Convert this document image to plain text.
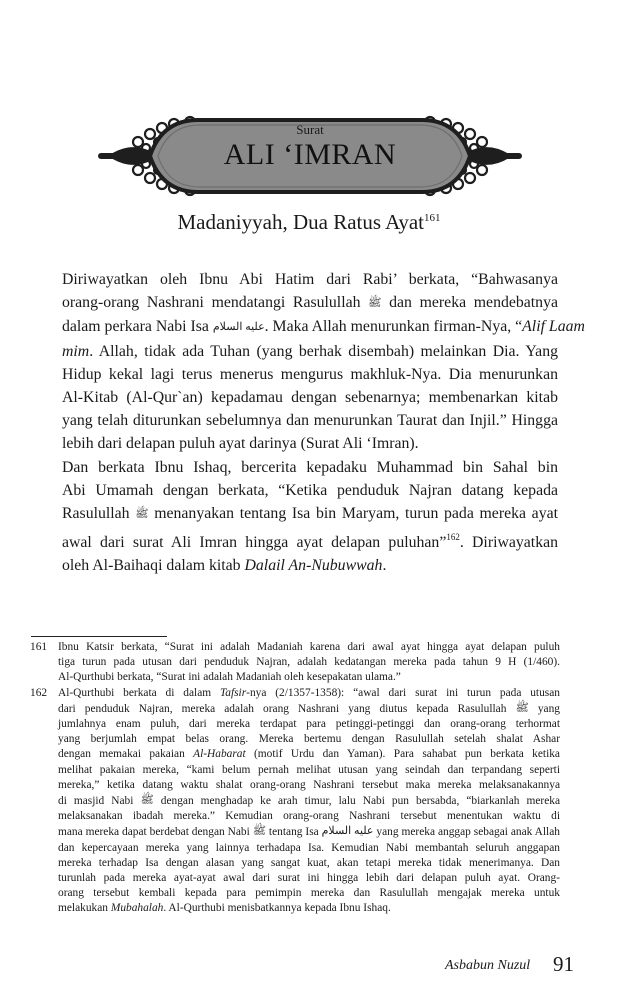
Surat
ALI ‘IMRAN
Madaniyyah, Dua Ratus Ayat$^{161}$

Diriwayatkan oleh Ibnu Abi Hatim dari Rabi’ berkata, “Bahwasanya
orang-orang Nashrani mendatangi Rasulullah ﷺ dan mereka mendebatnya
dalam perkara Nabi Isa عليه السلام. Maka Allah menurunkan firman-Nya, “Alif Laam
mim. Allah, tidak ada Tuhan (yang berhak disembah) melainkan Dia. Yang
Hidup kekal lagi terus menerus mengurus makhluk-Nya. Dia menurunkan
Al-Kitab (Al-Qur`an) kepadamau dengan sebenarnya; membenarkan kitab
yang telah diturunkan sebelumnya dan menurunkan Taurat dan Injil.” Hingga
lebih dari delapan puluh ayat darinya (Surat Ali ‘Imran).

Dan berkata Ibnu Ishaq, bercerita kepadaku Muhammad bin Sahal bin
Abi Umamah dengan berkata, “Ketika penduduk Najran datang kepada
Rasulullah ﷺ menanyakan tentang Isa bin Maryam, turun pada mereka ayat
awal dari surat Ali Imran hingga ayat delapan puluhan”$^{162}$. Diriwayatkan
oleh Al-Baihaqi dalam kitab Dalail An-Nubuwwah.

161 Ibnu Katsir berkata, “Surat ini adalah Madaniah karena dari awal ayat hingga ayat delapan puluh
tiga turun pada utusan dari penduduk Najran, adalah kedatangan mereka pada tahun 9 H (1/460).
Al-Qurthubi berkata, “Surat ini adalah Madaniah oleh kesepakatan ulama.”
162 Al-Qurthubi berkata di dalam Tafsir-nya (2/1357-1358): “awal dari surat ini turun pada utusan
dari penduduk Najran, mereka adalah orang Nashrani yang diutus kepada Rasulullah ﷺ yang
jumlahnya enam puluh, dari mereka terdapat para petinggi-petinggi dan orang-orang terhormat
yang berjumlah empat belas orang. Mereka bertemu dengan Rasulullah setelah shalat Ashar
dengan memakai pakaian Al-Habarat (motif Urdu dan Yaman). Para sahabat pun berkata ketika
melihat pakaian mereka, “kami belum pernah melihat utusan yang seindah dan terpandang seperti
mereka,” ketika datang waktu shalat orang-orang Nashrani tersebut maka mereka melaksanakannya
di masjid Nabi ﷺ dengan menghadap ke arah timur, lalu Nabi pun bersabda, “biarkanlah mereka
melaksanakan ibadah mereka.” Kemudian orang-orang Nashrani tersebut menentukan waktu di
mana mereka dapat berdebat dengan Nabi ﷺ tentang Isa عليه السلام yang mereka anggap sebagai anak Allah
dan kepercayaan mereka yang lainnya terhadapa Isa. Kemudian Nabi membantah seluruh anggapan
mereka terhadap Isa dengan alasan yang sangat kuat, akan tetapi mereka tidak menerimanya. Dan
turunlah pada mereka ayat-ayat awal dari surat ini hingga lebih dari delapan puluh ayat. Orang-
orang tersebut kembali kepada para pemimpin mereka dan Rasulullah mengajak mereka untuk
melakukan Mubahalah. Al-Qurthubi menisbatkannya kepada Ibnu Ishaq.
Asbabun Nuzul 91
